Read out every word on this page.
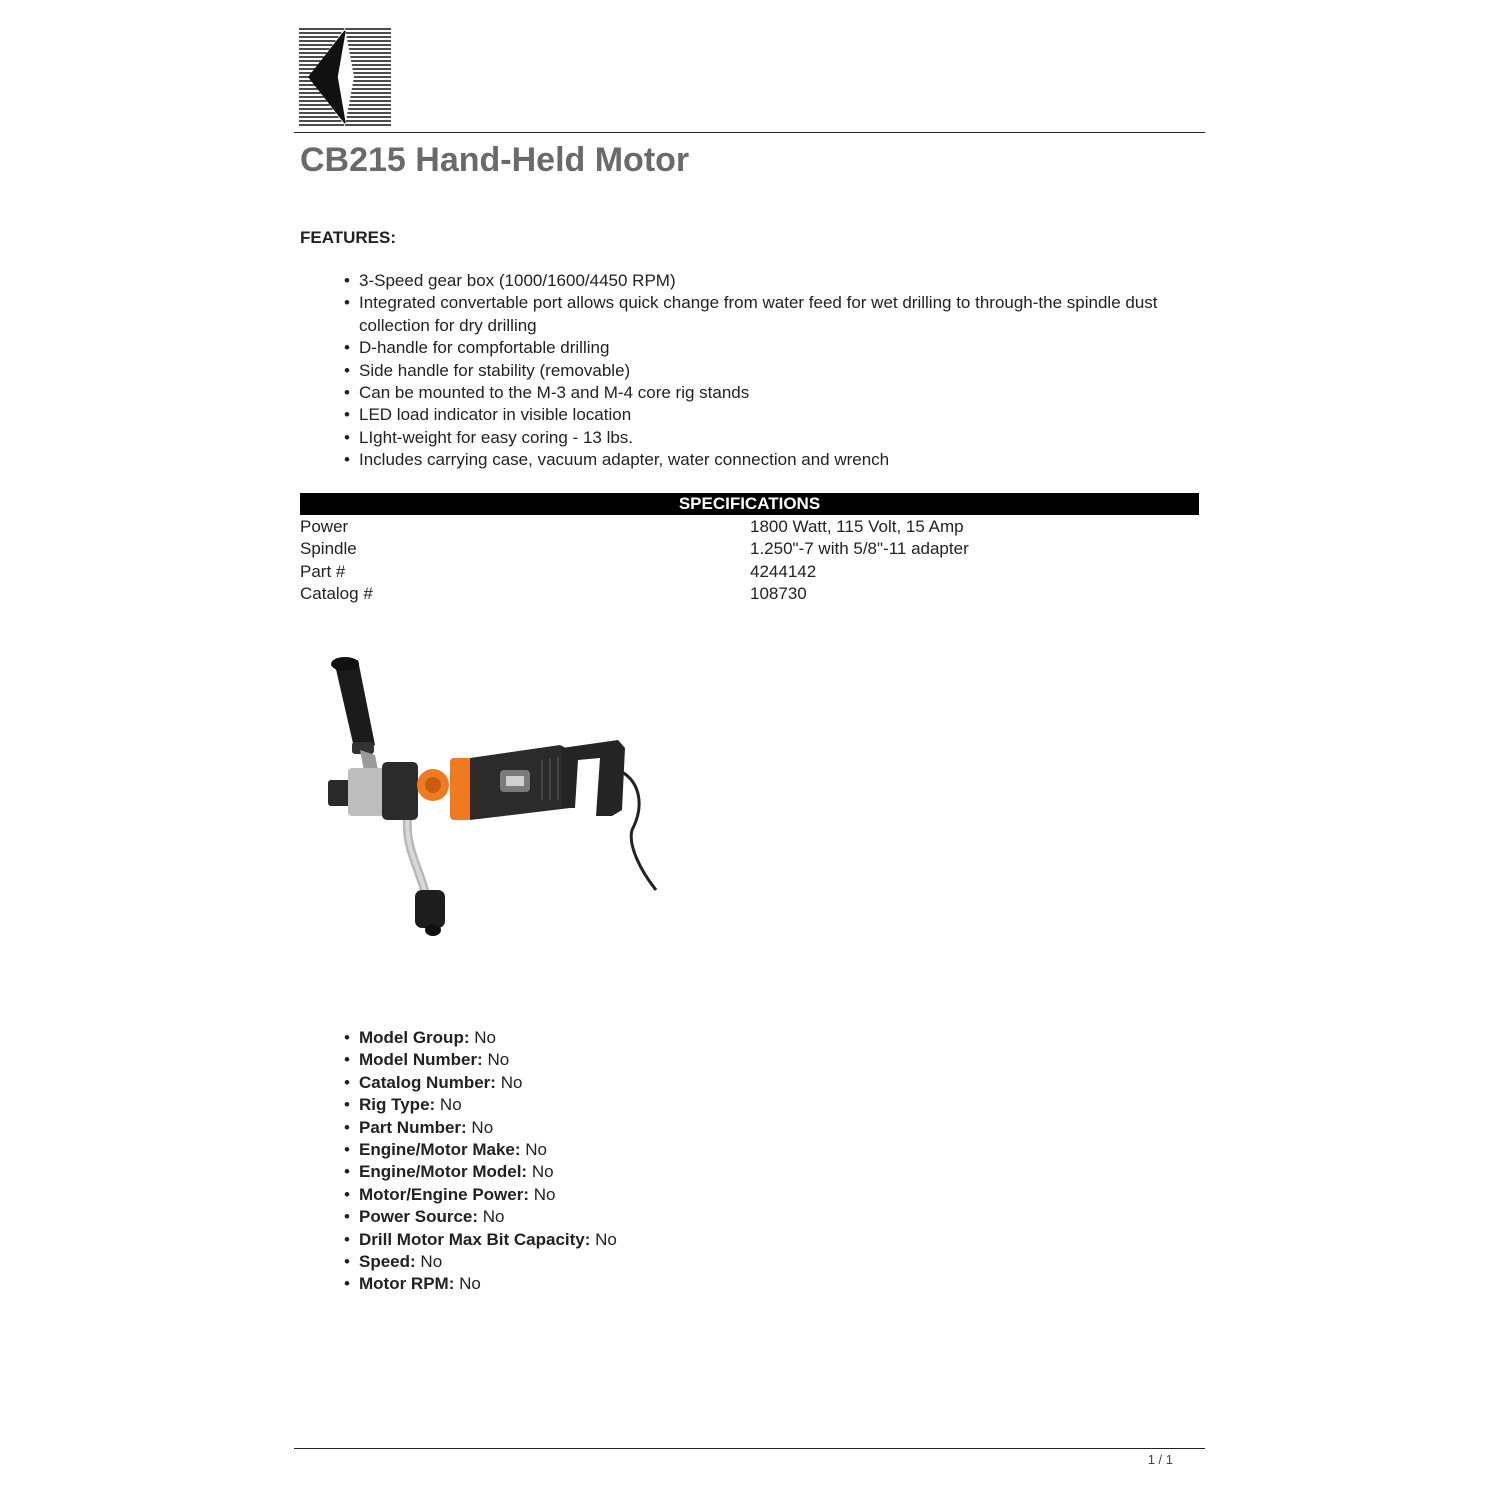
CB215 Hand-Held Motor
FEATURES:
• 3-Speed gear box (1000/1600/4450 RPM)
• Integrated convertable port allows quick change from water feed for wet drilling to through-the spindle dust collection for dry drilling
• D-handle for compfortable drilling
• Side handle for stability (removable)
• Can be mounted to the M-3 and M-4 core rig stands
• LED load indicator in visible location
• LIght-weight for easy coring - 13 lbs.
• Includes carrying case, vacuum adapter, water connection and wrench
SPECIFICATIONS
Power	1800 Watt, 115 Volt, 15 Amp
Spindle	1.250"-7 with 5/8"-11 adapter
Part #	4244142
Catalog #	108730
• Model Group: No
• Model Number: No
• Catalog Number: No
• Rig Type: No
• Part Number: No
• Engine/Motor Make: No
• Engine/Motor Model: No
• Motor/Engine Power: No
• Power Source: No
• Drill Motor Max Bit Capacity: No
• Speed: No
• Motor RPM: No
1 / 1
